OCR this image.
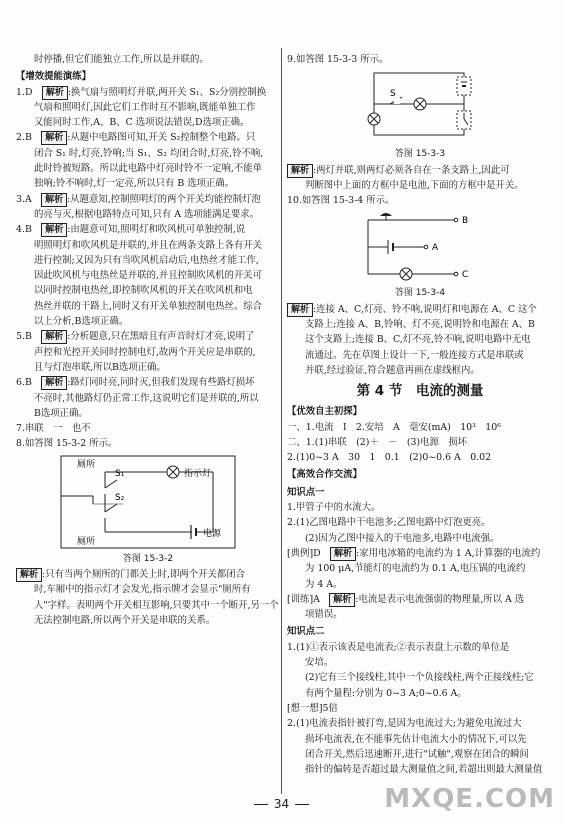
时停播,但它们能独立工作,所以是并联的。

【增效提能演练】

1.D　 解析 :换气扇与照明灯并联,两开关 S₁、S₂分别控制换

气扇和照明灯,因此它们工作时互不影响,既能单独工作

又能同时工作,A、B、C 选项说法错误,D选项正确。

2.B　 解析 :从题中电路图可知,开关 S₂控制整个电路。只

闭合 S₁ 时,灯亮,铃响;当 S₁、S₂ 均闭合时,灯亮,铃不响,

此时铃被短路。所以此电路中灯亮时铃不一定响,不能单

独响;铃不响时,灯一定亮,所以只有 B 选项正确。

3.A　 解析 :从题意知,控制照明灯的两个开关均能控制灯泡

的亮与灭,根据电路特点可知,只有 A 选项能满足要求。

4.B　 解析 :由题意可知,照明灯和吹风机可单独控制,说

明照明灯和吹风机是并联的,并且在两条支路上各有开关

进行控制;又因为只有当吹风机启动后,电热丝才能工作,

因此吹风机与电热丝是并联的,并且控制吹风机的开关可

以同时控制电热丝,即控制吹风机的开关在吹风机和电

热丝并联的干路上,同时又有开关单独控制电热丝。综合

以上分析,B选项正确。

5.B　 解析 :分析题意,只在黑暗且有声音时灯才亮,说明了

声控和光控开关同时控制电灯,故两个开关应是串联的,

且与灯泡串联,所以B选项正确。

6.B　 解析 :路灯同时亮,同时灭,但我们发现有些路灯损坏

不亮时,其他路灯仍正常工作,这说明它们是并联的,所以

B选项正确。

7.串联　一　也不

8.如答图 15-3-2 所示。

厕所
厕所
S₁
S₂
指示灯
电源

答图 15-3-2

解析 :只有当两个厕所的门都关上时,即两个开关都闭合

时,车厢中的指示灯才会发光,指示牌才会显示"厕所有

人"字样。表明两个开关相互影响,只要其中一个断开,另一个

无法控制电路,所以两个开关是串联的关系。

9.如答图 15-3-3 所示。

S

答图 15-3-3

解析 :两灯并联,则两灯必须各自在一条支路上,因此可

判断图中上面的方框中是电池,下面的方框中是开关。

10.如答图 15-3-4 所示。

B
A
C

答图 15-3-4

解析 :连接 A、C,灯亮、铃不响,说明灯和电源在 A、C 这个

支路上;连接 A、B,铃响、灯不亮,说明铃和电源在 A、B

这个支路上;连接 B、C,灯不亮,铃不响,说明电路中无电

流通过。先在草图上设计一下,一般连接方式是串联或

并联,经过验证,符合题意再画在虚线框内。

第 4 节　电流的测量

【优效自主初探】

一、1.电流　I　2.安培　A　毫安(mA)　10³　10⁶

二、1.(1)串联　(2)＋　－　(3)电源　损坏

2.(1)0~3 A　30　1　0.1　(2)0~0.6 A　0.02

【高效合作交流】

知识点一

1.甲管子中的水流大。

2.(1)乙图电路中干电池多;乙图电路中灯泡更亮。

(2)因为乙图中接入的干电池多,电路中电流强。

[典例]D　 解析 :家用电冰箱的电流约为 1 A,计算器的电流约

为 100 μA,节能灯的电流约为 0.1 A,电压锅的电流约

为 4 A。

[训练]A　 解析 :电流是表示电流强弱的物理量,所以 A 选

项错误。

知识点二

1.(1)①表示该表是电流表;②表示表盘上示数的单位是

安培。

(2)它有三个接线柱,其中一个负接线柱,两个正接线柱;它

有两个量程:分别为 0~3 A;0~0.6 A。

[想一想]5倍

2.(1)电流表指针被打弯,是因为电流过大;为避免电流过大

损坏电流表,在不能事先估计电流大小的情况下,可以先

闭合开关,然后迅速断开,进行"试触",观察在闭合的瞬间

指针的偏转是否超过最大测量值之间,若超出则最大测量值

34	MXQE.COM
